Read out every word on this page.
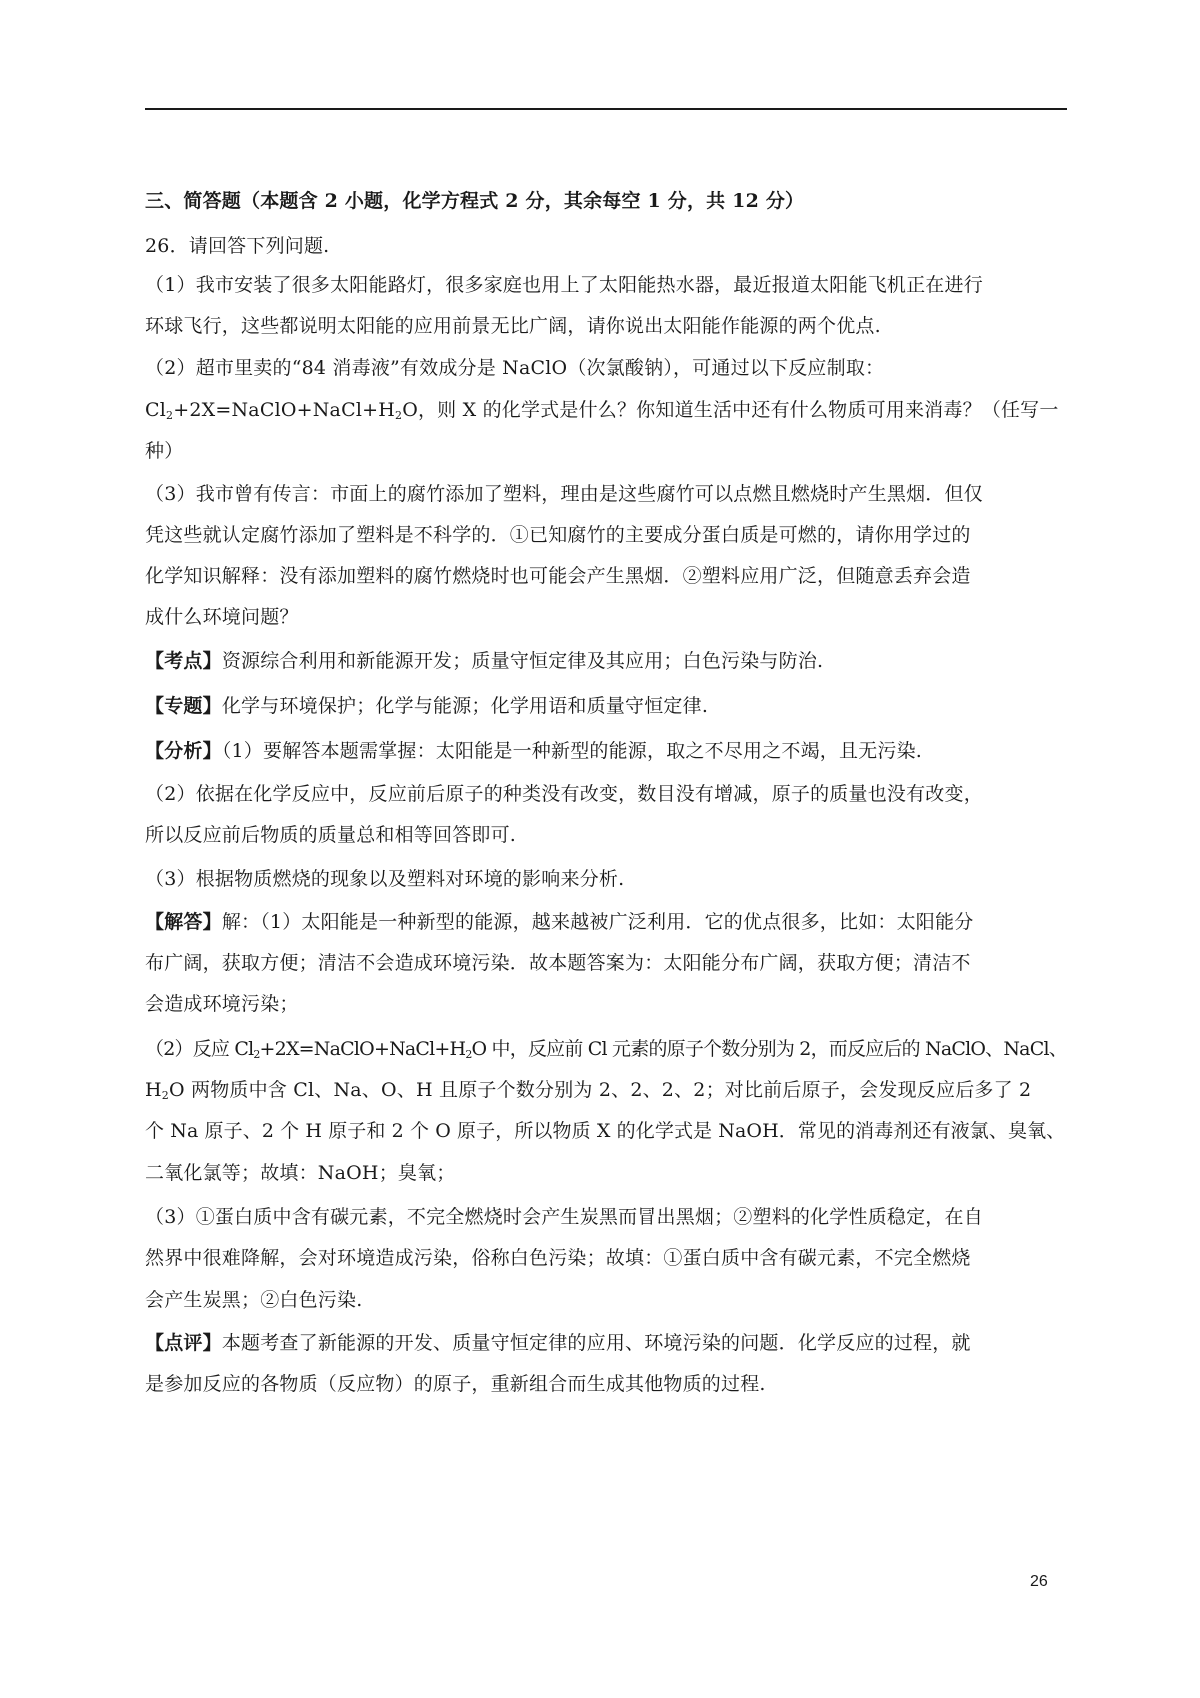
三、简答题（本题含 2 小题，化学方程式 2 分，其余每空 1 分，共 12 分）
26．请回答下列问题.
（1）我市安装了很多太阳能路灯，很多家庭也用上了太阳能热水器，最近报道太阳能飞机正在进行
环球飞行，这些都说明太阳能的应用前景无比广阔，请你说出太阳能作能源的两个优点.
（2）超市里卖的“84 消毒液”有效成分是 NaClO（次氯酸钠），可通过以下反应制取：
$Cl_2+2X=NaClO+NaCl+H_2O$，则 X 的化学式是什么？你知道生活中还有什么物质可用来消毒？（任写一
种）
（3）我市曾有传言：市面上的腐竹添加了塑料，理由是这些腐竹可以点燃且燃烧时产生黑烟．但仅
凭这些就认定腐竹添加了塑料是不科学的．①已知腐竹的主要成分蛋白质是可燃的，请你用学过的
化学知识解释：没有添加塑料的腐竹燃烧时也可能会产生黑烟．②塑料应用广泛，但随意丢弃会造
成什么环境问题？
【考点】资源综合利用和新能源开发；质量守恒定律及其应用；白色污染与防治.
【专题】化学与环境保护；化学与能源；化学用语和质量守恒定律.
【分析】（1）要解答本题需掌握：太阳能是一种新型的能源，取之不尽用之不竭，且无污染.
（2）依据在化学反应中，反应前后原子的种类没有改变，数目没有增减，原子的质量也没有改变，
所以反应前后物质的质量总和相等回答即可.
（3）根据物质燃烧的现象以及塑料对环境的影响来分析.
【解答】解：（1）太阳能是一种新型的能源，越来越被广泛利用．它的优点很多，比如：太阳能分
布广阔，获取方便；清洁不会造成环境污染．故本题答案为：太阳能分布广阔，获取方便；清洁不
会造成环境污染；
（2）反应 $Cl_2+2X=NaClO+NaCl+H_2O$ 中，反应前 Cl 元素的原子个数分别为 2，而反应后的 NaClO、NaCl、
$H_2O$ 两物质中含 Cl、Na、O、H 且原子个数分别为 2、2、2、2；对比前后原子，会发现反应后多了 2
个 Na 原子、2 个 H 原子和 2 个 O 原子，所以物质 X 的化学式是 NaOH．常见的消毒剂还有液氯、臭氧、
二氧化氯等；故填：NaOH；臭氧；
（3）①蛋白质中含有碳元素，不完全燃烧时会产生炭黑而冒出黑烟；②塑料的化学性质稳定，在自
然界中很难降解，会对环境造成污染，俗称白色污染；故填：①蛋白质中含有碳元素，不完全燃烧
会产生炭黑；②白色污染.
【点评】本题考查了新能源的开发、质量守恒定律的应用、环境污染的问题．化学反应的过程，就
是参加反应的各物质（反应物）的原子，重新组合而生成其他物质的过程.
26
